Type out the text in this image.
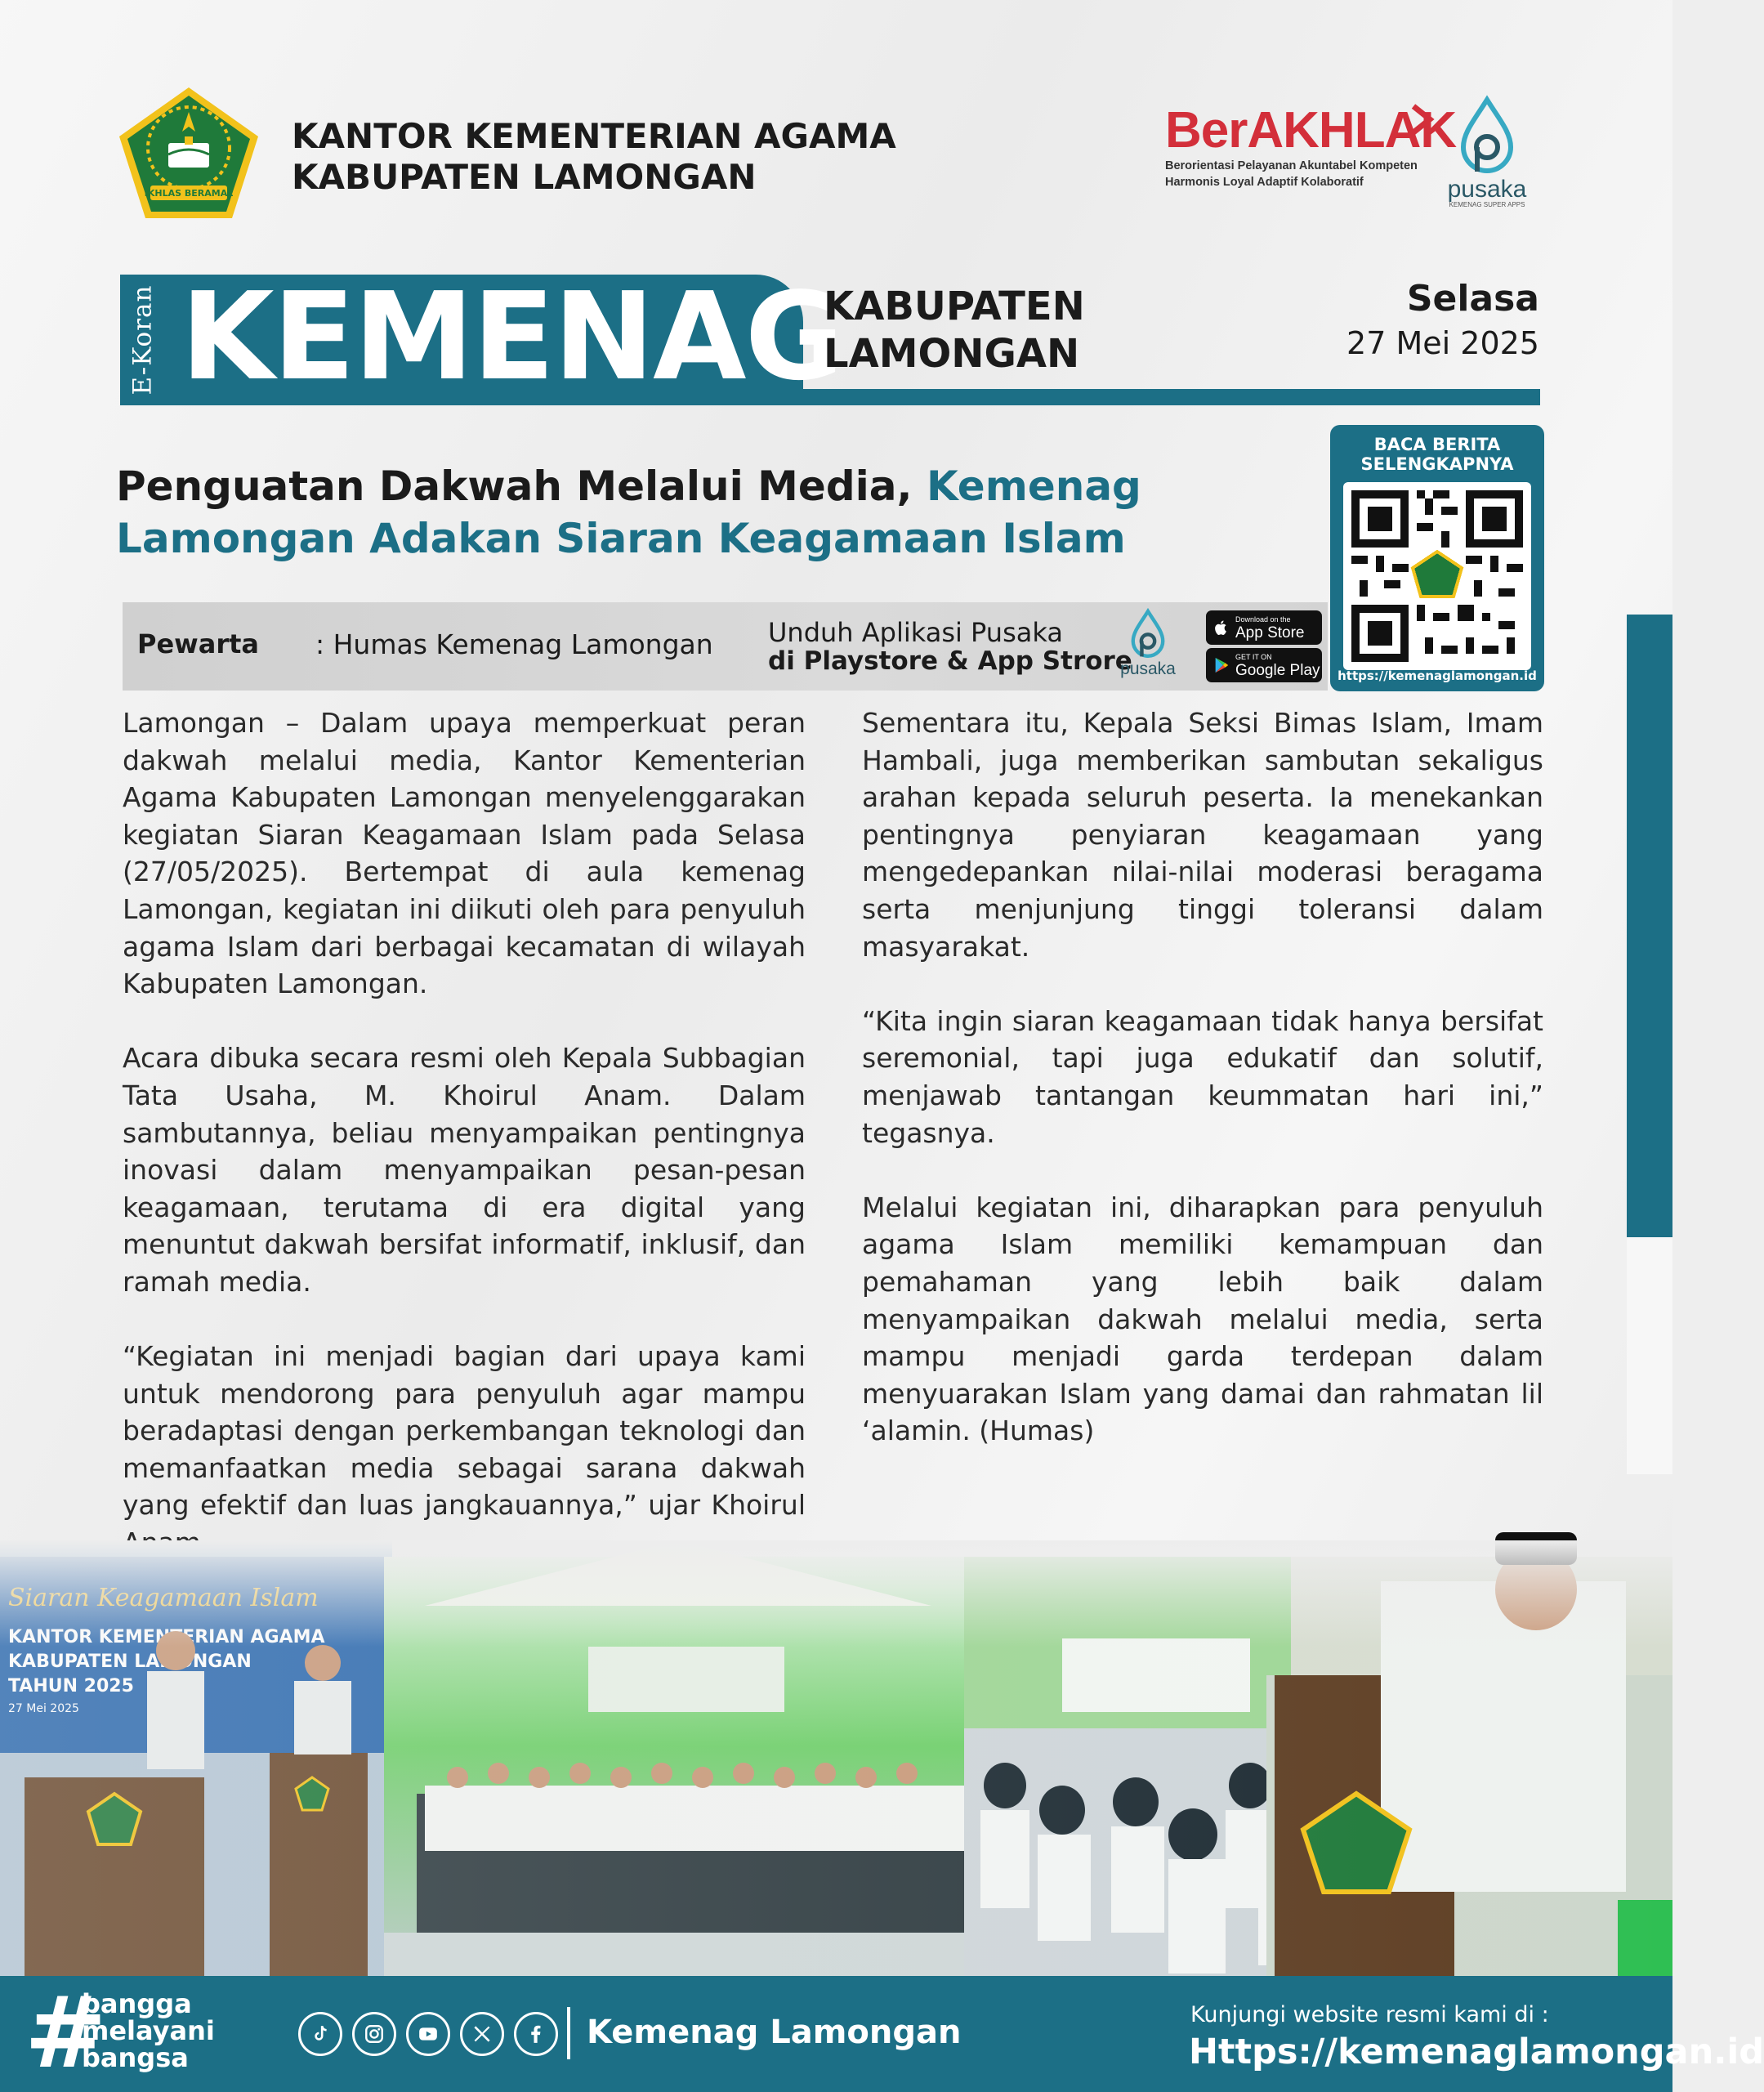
IKHLAS BERAMAL
KANTOR KEMENTERIAN AGAMA
KABUPATEN LAMONGAN
BerAKHLAK
Berorientasi Pelayanan Akuntabel Kompeten
Harmonis Loyal Adaptif Kolaboratif	pusaka
KEMENAG SUPER APPS
E-Koran KEMENAG
KABUPATEN
LAMONGAN
Selasa
27 Mei 2025
Penguatan Dakwah Melalui Media, Kemenag
Lamongan Adakan Siaran Keagamaan Islam
BACA BERITA SELENGKAPNYA
https://kemenaglamongan.id
Pewarta : Humas Kemenag Lamongan Unduh Aplikasi Pusaka
di Playstore & App Strore
pusaka
Download on the
App Store
GET IT ON
Google Play

Lamongan – Dalam upaya memperkuat peran dakwah melalui media, Kantor Kementerian Agama Kabupaten Lamongan menyelenggarakan kegiatan Siaran Keagamaan Islam pada Selasa (27/05/2025). Bertempat di aula kemenag Lamongan, kegiatan ini diikuti oleh para penyuluh agama Islam dari berbagai kecamatan di wilayah Kabupaten Lamongan.

Acara dibuka secara resmi oleh Kepala Subbagian Tata Usaha, M. Khoirul Anam. Dalam sambutannya, beliau menyampaikan pentingnya inovasi dalam menyampaikan pesan-pesan keagamaan, terutama di era digital yang menuntut dakwah bersifat informatif, inklusif, dan ramah media.

“Kegiatan ini menjadi bagian dari upaya kami untuk mendorong para penyuluh agar mampu beradaptasi dengan perkembangan teknologi dan memanfaatkan media sebagai sarana dakwah yang efektif dan luas jangkauannya,” ujar Khoirul

Sementara itu, Kepala Seksi Bimas Islam, Imam Hambali, juga memberikan sambutan sekaligus arahan kepada seluruh peserta. Ia menekankan pentingnya penyiaran keagamaan yang mengedepankan nilai-nilai moderasi beragama serta menjunjung tinggi toleransi dalam masyarakat.

“Kita ingin siaran keagamaan tidak hanya bersifat seremonial, tapi juga edukatif dan solutif, menjawab tantangan keummatan hari ini,” tegasnya.

Melalui kegiatan ini, diharapkan para penyuluh agama Islam memiliki kemampuan dan pemahaman yang lebih baik dalam menyampaikan dakwah melalui media, serta mampu menjadi garda terdepan dalam menyuarakan Islam yang damai dan rahmatan lil ‘alamin. (Humas)

#
bangga
melayani
bangsa
Kemenag Lamongan	Kunjungi website resmi kami di :
Https://kemenaglamongan.id
